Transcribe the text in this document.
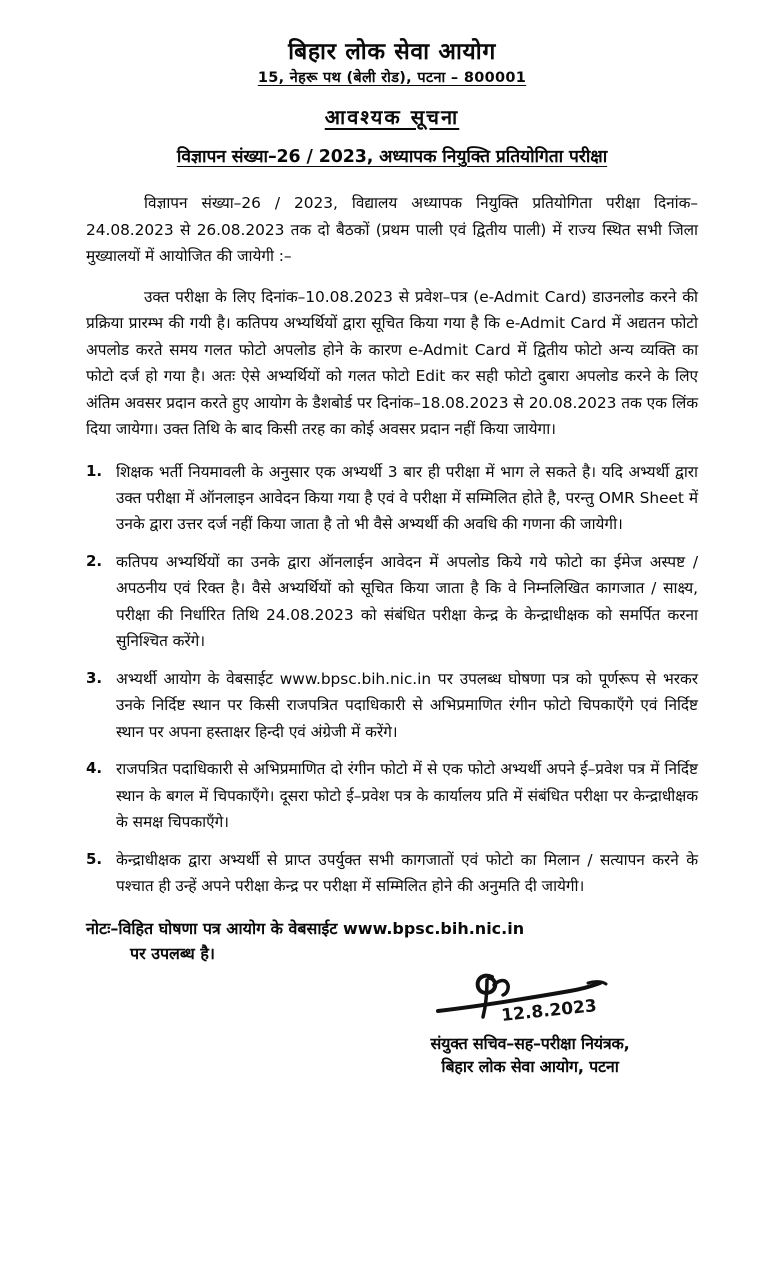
बिहार लोक सेवा आयोग
15, नेहरू पथ (बेली रोड), पटना – 800001
आवश्यक सूचना
विज्ञापन संख्या–26 / 2023, अध्यापक नियुक्ति प्रतियोगिता परीक्षा

विज्ञापन संख्या–26 / 2023, विद्यालय अध्यापक नियुक्ति प्रतियोगिता परीक्षा दिनांक– 24.08.2023 से 26.08.2023 तक दो बैठकों (प्रथम पाली एवं द्वितीय पाली) में राज्य स्थित सभी जिला मुख्यालयों में आयोजित की जायेगी :–

उक्त परीक्षा के लिए दिनांक–10.08.2023 से प्रवेश–पत्र (e-Admit Card) डाउनलोड करने की प्रक्रिया प्रारम्भ की गयी है। कतिपय अभ्यर्थियों द्वारा सूचित किया गया है कि e-Admit Card में अद्यतन फोटो अपलोड करते समय गलत फोटो अपलोड होने के कारण e-Admit Card में द्वितीय फोटो अन्य व्यक्ति का फोटो दर्ज हो गया है। अतः ऐसे अभ्यर्थियों को गलत फोटो Edit कर सही फोटो दुबारा अपलोड करने के लिए अंतिम अवसर प्रदान करते हुए आयोग के डैशबोर्ड पर दिनांक–18.08.2023 से 20.08.2023 तक एक लिंक दिया जायेगा। उक्त तिथि के बाद किसी तरह का कोई अवसर प्रदान नहीं किया जायेगा।

1. शिक्षक भर्ती नियमावली के अनुसार एक अभ्यर्थी 3 बार ही परीक्षा में भाग ले सकते है। यदि अभ्यर्थी द्वारा उक्त परीक्षा में ऑनलाइन आवेदन किया गया है एवं वे परीक्षा में सम्मिलित होते है, परन्तु OMR Sheet में उनके द्वारा उत्तर दर्ज नहीं किया जाता है तो भी वैसे अभ्यर्थी की अवधि की गणना की जायेगी।
2. कतिपय अभ्यर्थियों का उनके द्वारा ऑनलाईन आवेदन में अपलोड किये गये फोटो का ईमेज अस्पष्ट / अपठनीय एवं रिक्त है। वैसे अभ्यर्थियों को सूचित किया जाता है कि वे निम्नलिखित कागजात / साक्ष्य, परीक्षा की निर्धारित तिथि 24.08.2023 को संबंधित परीक्षा केन्द्र के केन्द्राधीक्षक को समर्पित करना सुनिश्चित करेंगे।
3. अभ्यर्थी आयोग के वेबसाईट www.bpsc.bih.nic.in पर उपलब्ध घोषणा पत्र को पूर्णरूप से भरकर उनके निर्दिष्ट स्थान पर किसी राजपत्रित पदाधिकारी से अभिप्रमाणित रंगीन फोटो चिपकाएँगे एवं निर्दिष्ट स्थान पर अपना हस्ताक्षर हिन्दी एवं अंग्रेजी में करेंगे।
4. राजपत्रित पदाधिकारी से अभिप्रमाणित दो रंगीन फोटो में से एक फोटो अभ्यर्थी अपने ई–प्रवेश पत्र में निर्दिष्ट स्थान के बगल में चिपकाएँगे। दूसरा फोटो ई–प्रवेश पत्र के कार्यालय प्रति में संबंधित परीक्षा पर केन्द्राधीक्षक के समक्ष चिपकाएँगे।
5. केन्द्राधीक्षक द्वारा अभ्यर्थी से प्राप्त उपर्युक्त सभी कागजातों एवं फोटो का मिलान / सत्यापन करने के पश्चात ही उन्हें अपने परीक्षा केन्द्र पर परीक्षा में सम्मिलित होने की अनुमति दी जायेगी।
नोटः–विहित घोषणा पत्र आयोग के वेबसाईट www.bpsc.bih.nic.in
पर उपलब्ध है।
12.8.2023
संयुक्त सचिव–सह–परीक्षा नियंत्रक,
बिहार लोक सेवा आयोग, पटना
